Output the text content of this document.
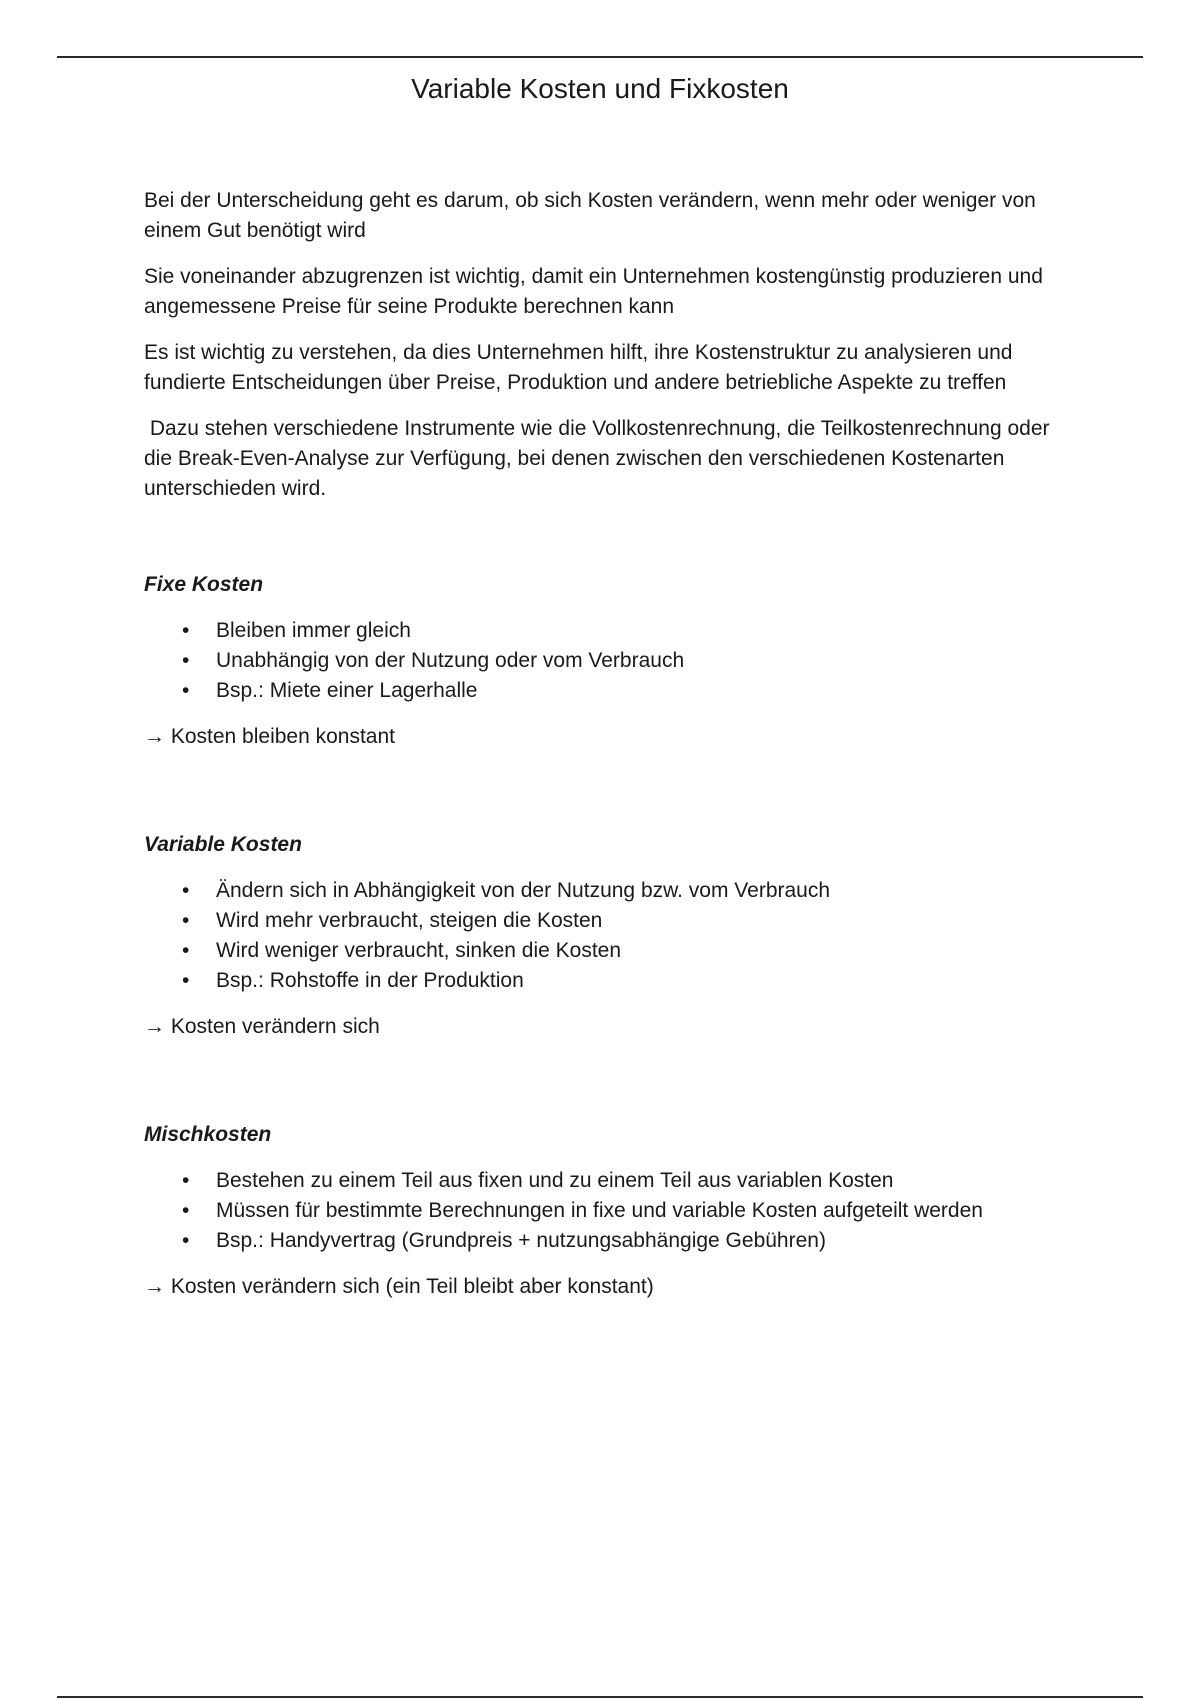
Variable Kosten und Fixkosten

Bei der Unterscheidung geht es darum, ob sich Kosten verändern, wenn mehr oder weniger von einem Gut benötigt wird

Sie voneinander abzugrenzen ist wichtig, damit ein Unternehmen kostengünstig produzieren und angemessene Preise für seine Produkte berechnen kann

Es ist wichtig zu verstehen, da dies Unternehmen hilft, ihre Kostenstruktur zu analysieren und fundierte Entscheidungen über Preise, Produktion und andere betriebliche Aspekte zu treffen

Dazu stehen verschiedene Instrumente wie die Vollkostenrechnung, die Teilkostenrechnung oder die Break-Even-Analyse zur Verfügung, bei denen zwischen den verschiedenen Kostenarten unterschieden wird.

Fixe Kosten

• Bleiben immer gleich
• Unabhängig von der Nutzung oder vom Verbrauch
• Bsp.: Miete einer Lagerhalle

→ Kosten bleiben konstant

Variable Kosten

• Ändern sich in Abhängigkeit von der Nutzung bzw. vom Verbrauch
• Wird mehr verbraucht, steigen die Kosten
• Wird weniger verbraucht, sinken die Kosten
• Bsp.: Rohstoffe in der Produktion

→ Kosten verändern sich

Mischkosten

• Bestehen zu einem Teil aus fixen und zu einem Teil aus variablen Kosten
• Müssen für bestimmte Berechnungen in fixe und variable Kosten aufgeteilt werden
• Bsp.: Handyvertrag (Grundpreis + nutzungsabhängige Gebühren)

→ Kosten verändern sich (ein Teil bleibt aber konstant)
